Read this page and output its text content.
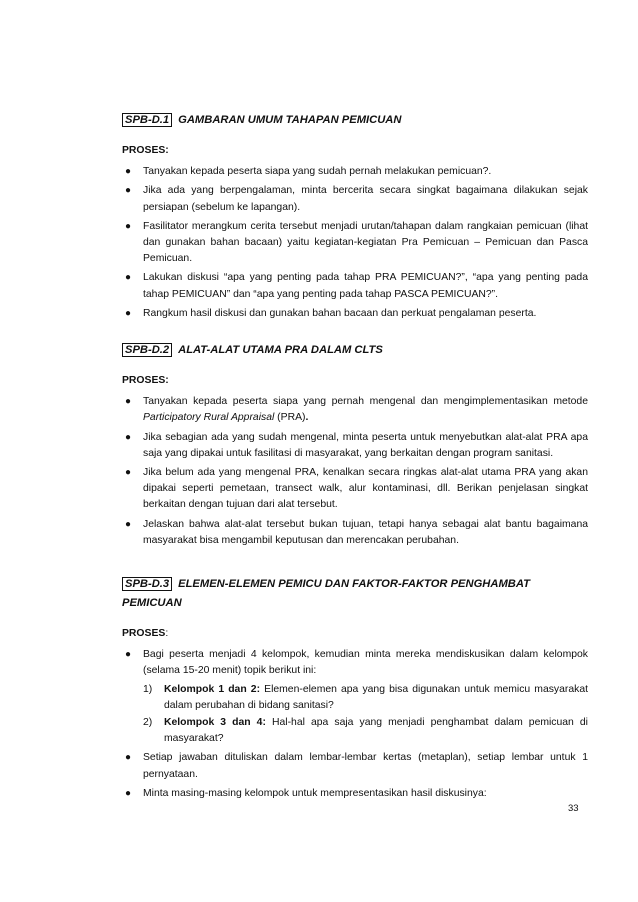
SPB-D.1 GAMBARAN UMUM TAHAPAN PEMICUAN

PROSES:
● Tanyakan kepada peserta siapa yang sudah pernah melakukan pemicuan?.
● Jika ada yang berpengalaman, minta bercerita secara singkat bagaimana dilakukan sejak persiapan (sebelum ke lapangan).
● Fasilitator merangkum cerita tersebut menjadi urutan/tahapan dalam rangkaian pemicuan (lihat dan gunakan bahan bacaan) yaitu kegiatan-kegiatan Pra Pemicuan – Pemicuan dan Pasca Pemicuan.
● Lakukan diskusi “apa yang penting pada tahap PRA PEMICUAN?”, “apa yang penting pada tahap PEMICUAN” dan “apa yang penting pada tahap PASCA PEMICUAN?”.
● Rangkum hasil diskusi dan gunakan bahan bacaan dan perkuat pengalaman peserta.

SPB-D.2 ALAT-ALAT UTAMA PRA DALAM CLTS

PROSES:
● Tanyakan kepada peserta siapa yang pernah mengenal dan mengimplementasikan metode Participatory Rural Appraisal (PRA).
● Jika sebagian ada yang sudah mengenal, minta peserta untuk menyebutkan alat-alat PRA apa saja yang dipakai untuk fasilitasi di masyarakat, yang berkaitan dengan program sanitasi.
● Jika belum ada yang mengenal PRA, kenalkan secara ringkas alat-alat utama PRA yang akan dipakai seperti pemetaan, transect walk, alur kontaminasi, dll. Berikan penjelasan singkat berkaitan dengan tujuan dari alat tersebut.
● Jelaskan bahwa alat-alat tersebut bukan tujuan, tetapi hanya sebagai alat bantu bagaimana masyarakat bisa mengambil keputusan dan merencakan perubahan.

SPB-D.3 ELEMEN-ELEMEN PEMICU DAN FAKTOR-FAKTOR PENGHAMBAT

PEMICUAN

PROSES:
● Bagi peserta menjadi 4 kelompok, kemudian minta mereka mendiskusikan dalam kelompok (selama 15-20 menit) topik berikut ini:
1) Kelompok 1 dan 2: Elemen-elemen apa yang bisa digunakan untuk memicu masyarakat dalam perubahan di bidang sanitasi?
2) Kelompok 3 dan 4: Hal-hal apa saja yang menjadi penghambat dalam pemicuan di masyarakat?
● Setiap jawaban dituliskan dalam lembar-lembar kertas (metaplan), setiap lembar untuk 1 pernyataan.
● Minta masing-masing kelompok untuk mempresentasikan hasil diskusinya:
33
